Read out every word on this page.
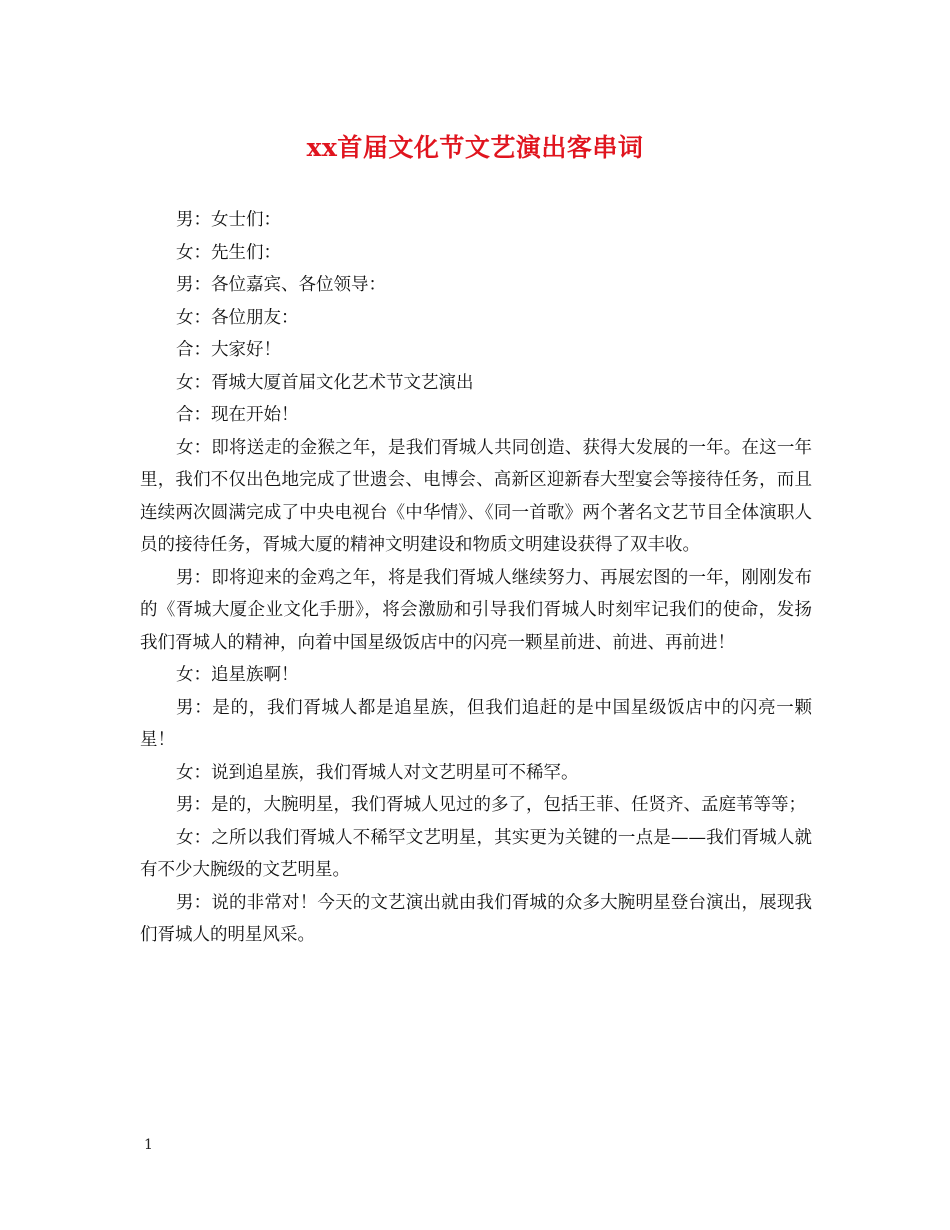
xx首届文化节文艺演出客串词

男：女士们：

女：先生们：

男：各位嘉宾、各位领导：

女：各位朋友：

合：大家好！

女：胥城大厦首届文化艺术节文艺演出

合：现在开始！

女：即将送走的金猴之年，是我们胥城人共同创造、获得大发展的一年。在这一年里，我们不仅出色地完成了世遗会、电博会、高新区迎新春大型宴会等接待任务，而且连续两次圆满完成了中央电视台《中华情》、《同一首歌》两个著名文艺节目全体演职人员的接待任务，胥城大厦的精神文明建设和物质文明建设获得了双丰收。

男：即将迎来的金鸡之年，将是我们胥城人继续努力、再展宏图的一年，刚刚发布的《胥城大厦企业文化手册》，将会激励和引导我们胥城人时刻牢记我们的使命，发扬我们胥城人的精神，向着中国星级饭店中的闪亮一颗星前进、前进、再前进！

女：追星族啊！

男：是的，我们胥城人都是追星族，但我们追赶的是中国星级饭店中的闪亮一颗星！

女：说到追星族，我们胥城人对文艺明星可不稀罕。

男：是的，大腕明星，我们胥城人见过的多了，包括王菲、任贤齐、孟庭苇等等；

女：之所以我们胥城人不稀罕文艺明星，其实更为关键的一点是——我们胥城人就有不少大腕级的文艺明星。

男：说的非常对！今天的文艺演出就由我们胥城的众多大腕明星登台演出，展现我们胥城人的明星风采。

1
